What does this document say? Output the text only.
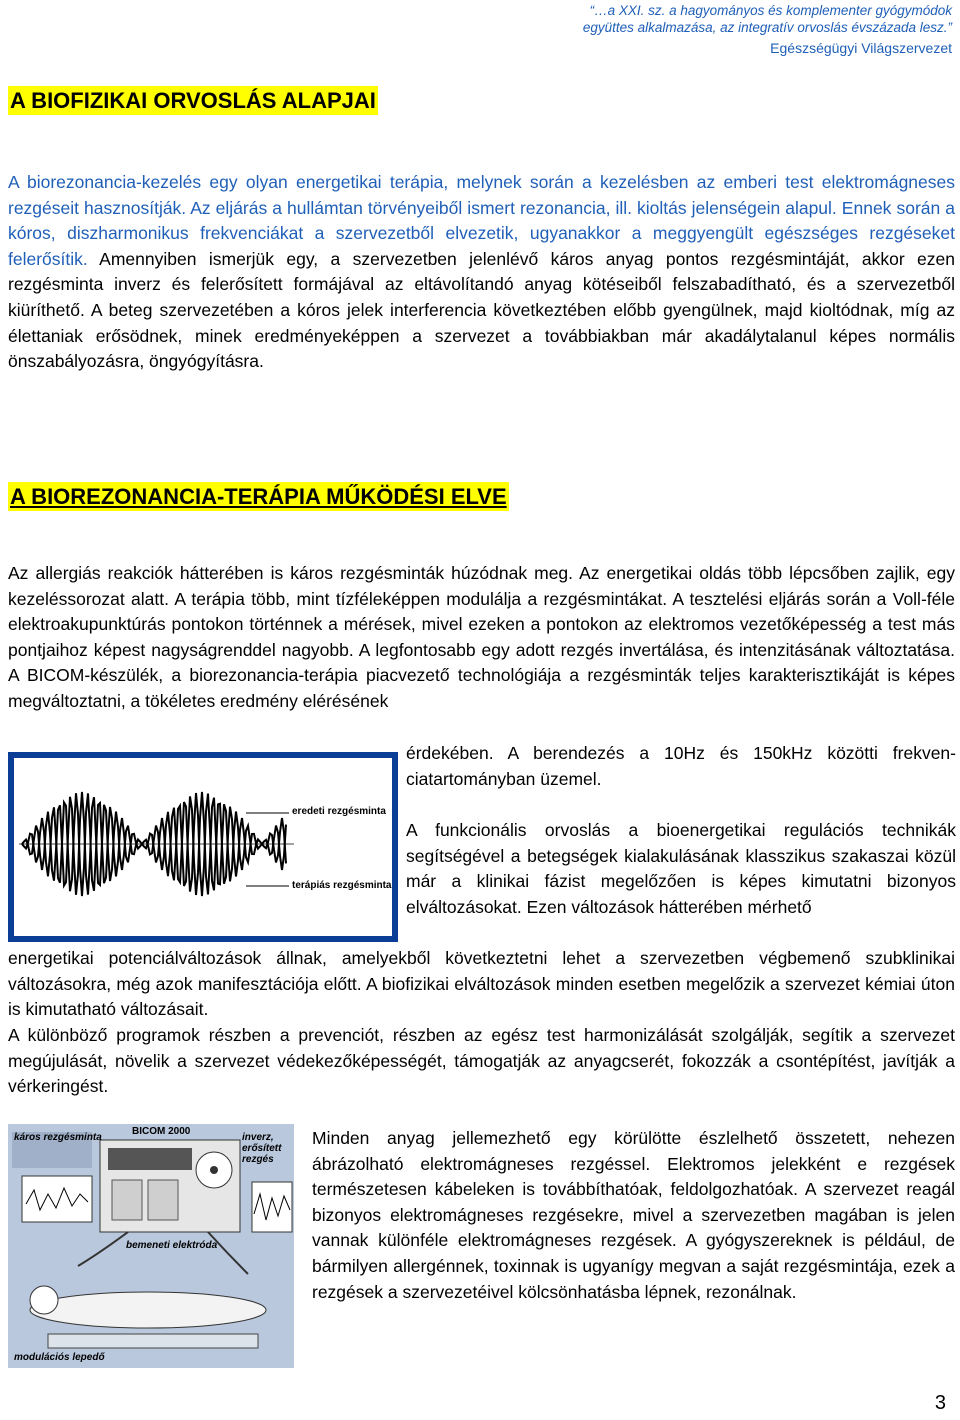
“…a XXI. sz. a hagyományos és komplementer gyógymódok
együttes alkalmazása, az integratív orvoslás évszázada lesz.”
Egészségügyi Világszervezet
A BIOFIZIKAI ORVOSLÁS ALAPJAI
A biorezonancia-kezelés egy olyan energetikai terápia, melynek során a kezelésben az emberi test elektromágneses rezgéseit hasznosítják. Az eljárás a hullámtan törvényeiből ismert rezonancia, ill. kioltás jelenségein alapul. Ennek során a kóros, diszharmonikus frekvenciákat a szervezetből elvezetik, ugyanakkor a meggyengült egészséges rezgéseket felerősítik. Amennyiben ismerjük egy, a szervezetben jelenlévő káros anyag pontos rezgésmintáját, akkor ezen rezgésminta inverz és felerősített formájával az eltávolítandó anyag kötéseiből felszabadítható, és a szervezetből kiüríthető. A beteg szervezetében a kóros jelek interferencia következtében előbb gyengülnek, majd kioltódnak, míg az élettaniak erősödnek, minek eredményeképpen a szervezet a továbbiakban már akadálytalanul képes normális önszabályozásra, öngyógyításra.
A BIOREZONANCIA-TERÁPIA MŰKÖDÉSI ELVE
Az allergiás reakciók hátterében is káros rezgésminták húzódnak meg. Az energetikai oldás több lépcsőben zajlik, egy kezeléssorozat alatt. A terápia több, mint tízféleképpen modulálja a rezgésmintákat. A tesztelési eljárás során a Voll-féle elektroakupunktúrás pontokon történnek a mérések, mivel ezeken a pontokon az elektromos vezetőképesség a test más pontjaihoz képest nagyságrenddel nagyobb. A legfontosabb egy adott rezgés invertálása, és intenzitásának változtatása. A BICOM-készülék, a biorezonancia-terápia piacvezető technológiája a rezgésminták teljes karakterisztikáját is képes megváltoztatni, a tökéletes eredmény elérésének
érdekében. A berendezés a 10Hz és 150kHz közötti frekven-ciatartományban üzemel.
eredeti rezgésminta
terápiás rezgésminta
A funkcionális orvoslás a bioenergetikai regulációs technikák segítségével a betegségek kialakulásának klasszikus szakaszai közül már a klinikai fázist megelőzően is képes kimutatni bizonyos elváltozásokat. Ezen változások hátterében mérhető
energetikai potenciálváltozások állnak, amelyekből következtetni lehet a szervezetben végbemenő szubklinikai változásokra, még azok manifesztációja előtt. A biofizikai elváltozások minden esetben megelőzik a szervezet kémiai úton is kimutatható változásait.
A különböző programok részben a prevenciót, részben az egész test harmonizálását szolgálják, segítik a szervezet megújulását, növelik a szervezet védekezőképességét, támogatják az anyagcserét, fokozzák a csontépítést, javítják a vérkeringést.
káros rezgésminta
BICOM 2000
inverz, erősített rezgés
bemeneti elektróda
modulációs lepedő
Minden anyag jellemezhető egy körülötte észlelhető összetett, nehezen ábrázolható elektromágneses rezgéssel. Elektromos jelekként e rezgések természetesen kábeleken is továbbíthatóak, feldolgozhatóak. A szervezet reagál bizonyos elektromágneses rezgésekre, mivel a szervezetben magában is jelen vannak különféle elektromágneses rezgések. A gyógyszereknek is például, de bármilyen allergénnek, toxinnak is ugyanígy megvan a saját rezgésmintája, ezek a rezgések a szervezetéivel kölcsönhatásba lépnek, rezonálnak.
3
